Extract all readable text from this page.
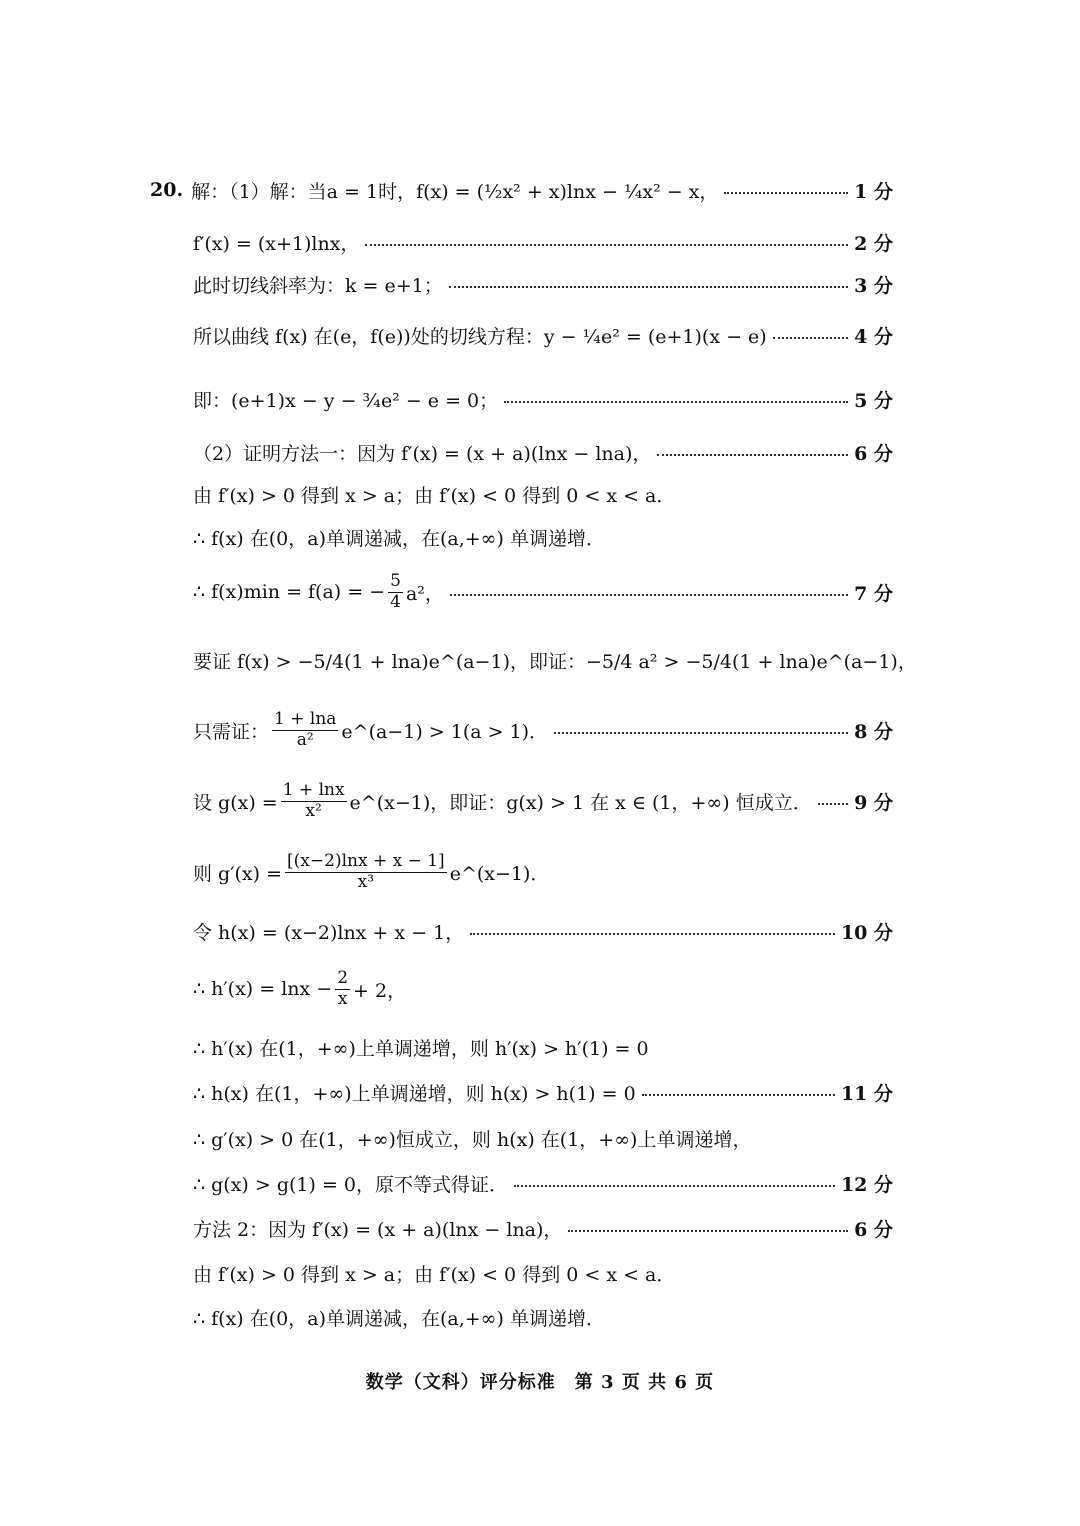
20. 解：（1）解：当a = 1时，f(x) = (½x² + x)lnx − ¼x² − x，	1 分
f′(x) = (x+1)lnx，	2 分
此时切线斜率为：k = e+1；	3 分
所以曲线 f(x) 在(e，f(e))处的切线方程：y − ¼e² = (e+1)(x − e)	4 分
即：(e+1)x − y − ¾e² − e = 0；	5 分
（2）证明方法一：因为 f′(x) = (x + a)(lnx − lna)，	6 分
由 f′(x) > 0 得到 x > a；由 f′(x) < 0 得到 0 < x < a．
∴ f(x) 在(0，a)单调递减，在(a,+∞) 单调递增．
∴ f(x)min = f(a) = − $\frac{5}{4} a^2$，	7 分
要证 f(x) > −5/4(1 + lna)e^(a−1)，即证：−5/4 a² > −5/4(1 + lna)e^(a−1)，
只需证： $\frac{1 + \ln a}{\text{a²}}$ e^(a−1) > 1(a > 1)．	8 分
设 $g(x) = \frac{1 + \ln x}{\text{x²}}$ e^(x−1)，即证：g(x) > 1 在 x ∈ (1，+∞) 恒成立． 9 分
则 $g'(x) = \frac{[(x-2)\ln x + x - 1]}{\text{x³}}$ e^(x−1)．
令 h(x) = (x−2)lnx + x − 1，	10 分
∴ $h'(x) = \ln x - \frac{2}{x} + 2$，
∴ h′(x) 在(1，+∞)上单调递增，则 h′(x) > h′(1) = 0
∴ h(x) 在(1，+∞)上单调递增，则 h(x) > h(1) = 0	11 分
∴ g′(x) > 0 在(1，+∞)恒成立，则 h(x) 在(1，+∞)上单调递增，
∴ g(x) > g(1) = 0，原不等式得证．	12 分
方法 2：因为 f′(x) = (x + a)(lnx − lna)，	6 分
由 f′(x) > 0 得到 x > a；由 f′(x) < 0 得到 0 < x < a．
∴ f(x) 在(0，a)单调递减，在(a,+∞) 单调递增．
数学（文科）评分标准　第 3 页 共 6 页
